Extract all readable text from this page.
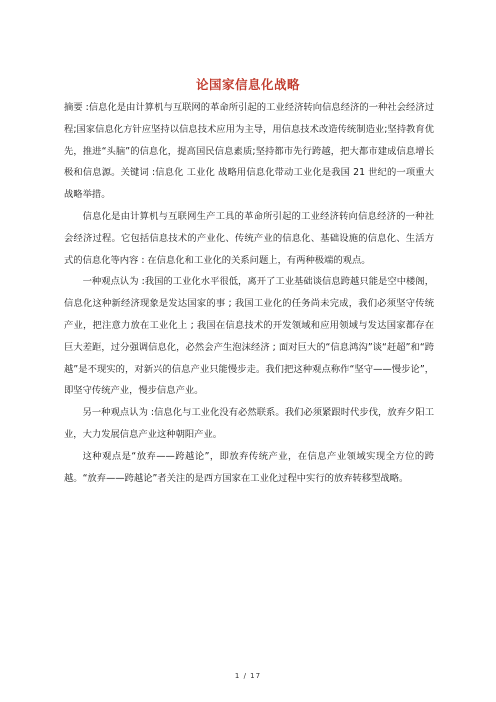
论国家信息化战略

摘要 :信息化是由计算机与互联网的革命所引起的工业经济转向信息经济的一种社会经济过程;国家信息化方针应坚持以信息技术应用为主导，用信息技术改造传统制造业;坚持教育优先，推进“头脑”的信息化，提高国民信息素质;坚持都市先行跨越，把大都市建成信息增长极和信息源。关键词 :信息化 工业化 战略用信息化带动工业化是我国 21 世纪的一项重大战略举措。

信息化是由计算机与互联网生产工具的革命所引起的工业经济转向信息经济的一种社会经济过程。它包括信息技术的产业化、传统产业的信息化、基础设施的信息化、生活方式的信息化等内容 : 在信息化和工业化的关系问题上，有两种极端的观点。

一种观点认为 :我国的工业化水平很低，离开了工业基础谈信息跨越只能是空中楼阁，信息化这种新经济现象是发达国家的事 ; 我国工业化的任务尚未完成，我们必须坚守传统产业，把注意力放在工业化上 ; 我国在信息技术的开发领域和应用领域与发达国家都存在巨大差距，过分强调信息化，必然会产生泡沫经济 ; 面对巨大的“信息鸿沟”谈“赶超”和“跨越”是不现实的，对新兴的信息产业只能慢步走。我们把这种观点称作“坚守——慢步论”，即坚守传统产业，慢步信息产业。

另一种观点认为 :信息化与工业化没有必然联系。我们必须紧跟时代步伐，放弃夕阳工业，大力发展信息产业这种朝阳产业。

这种观点是“放弃——跨越论”，即放弃传统产业，在信息产业领域实现全方位的跨越。“放弃——跨越论”者关注的是西方国家在工业化过程中实行的放弃转移型战略。

1 / 17
